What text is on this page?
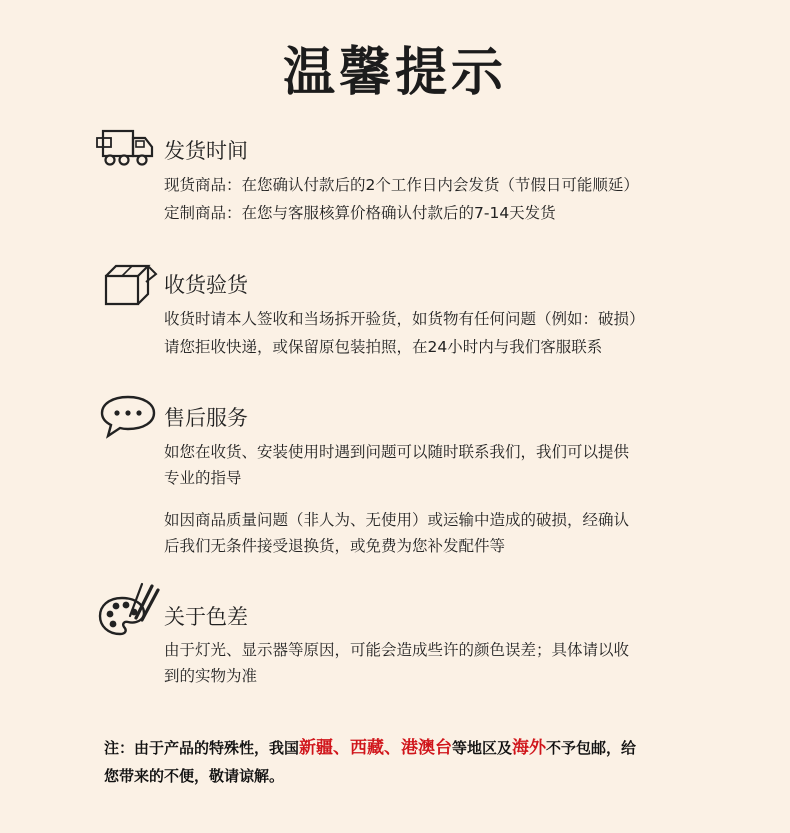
温馨提示
发货时间
现货商品：在您确认付款后的2个工作日内会发货（节假日可能顺延）
定制商品：在您与客服核算价格确认付款后的7-14天发货
收货验货
收货时请本人签收和当场拆开验货，如货物有任何问题（例如：破损）
请您拒收快递，或保留原包装拍照，在24小时内与我们客服联系
售后服务
如您在收货、安装使用时遇到问题可以随时联系我们，我们可以提供
专业的指导
如因商品质量问题（非人为、无使用）或运输中造成的破损，经确认
后我们无条件接受退换货，或免费为您补发配件等
关于色差
由于灯光、显示器等原因，可能会造成些许的颜色误差；具体请以收
到的实物为准
注：由于产品的特殊性，我国新疆、西藏、港澳台等地区及海外不予包邮，给
您带来的不便，敬请谅解。
